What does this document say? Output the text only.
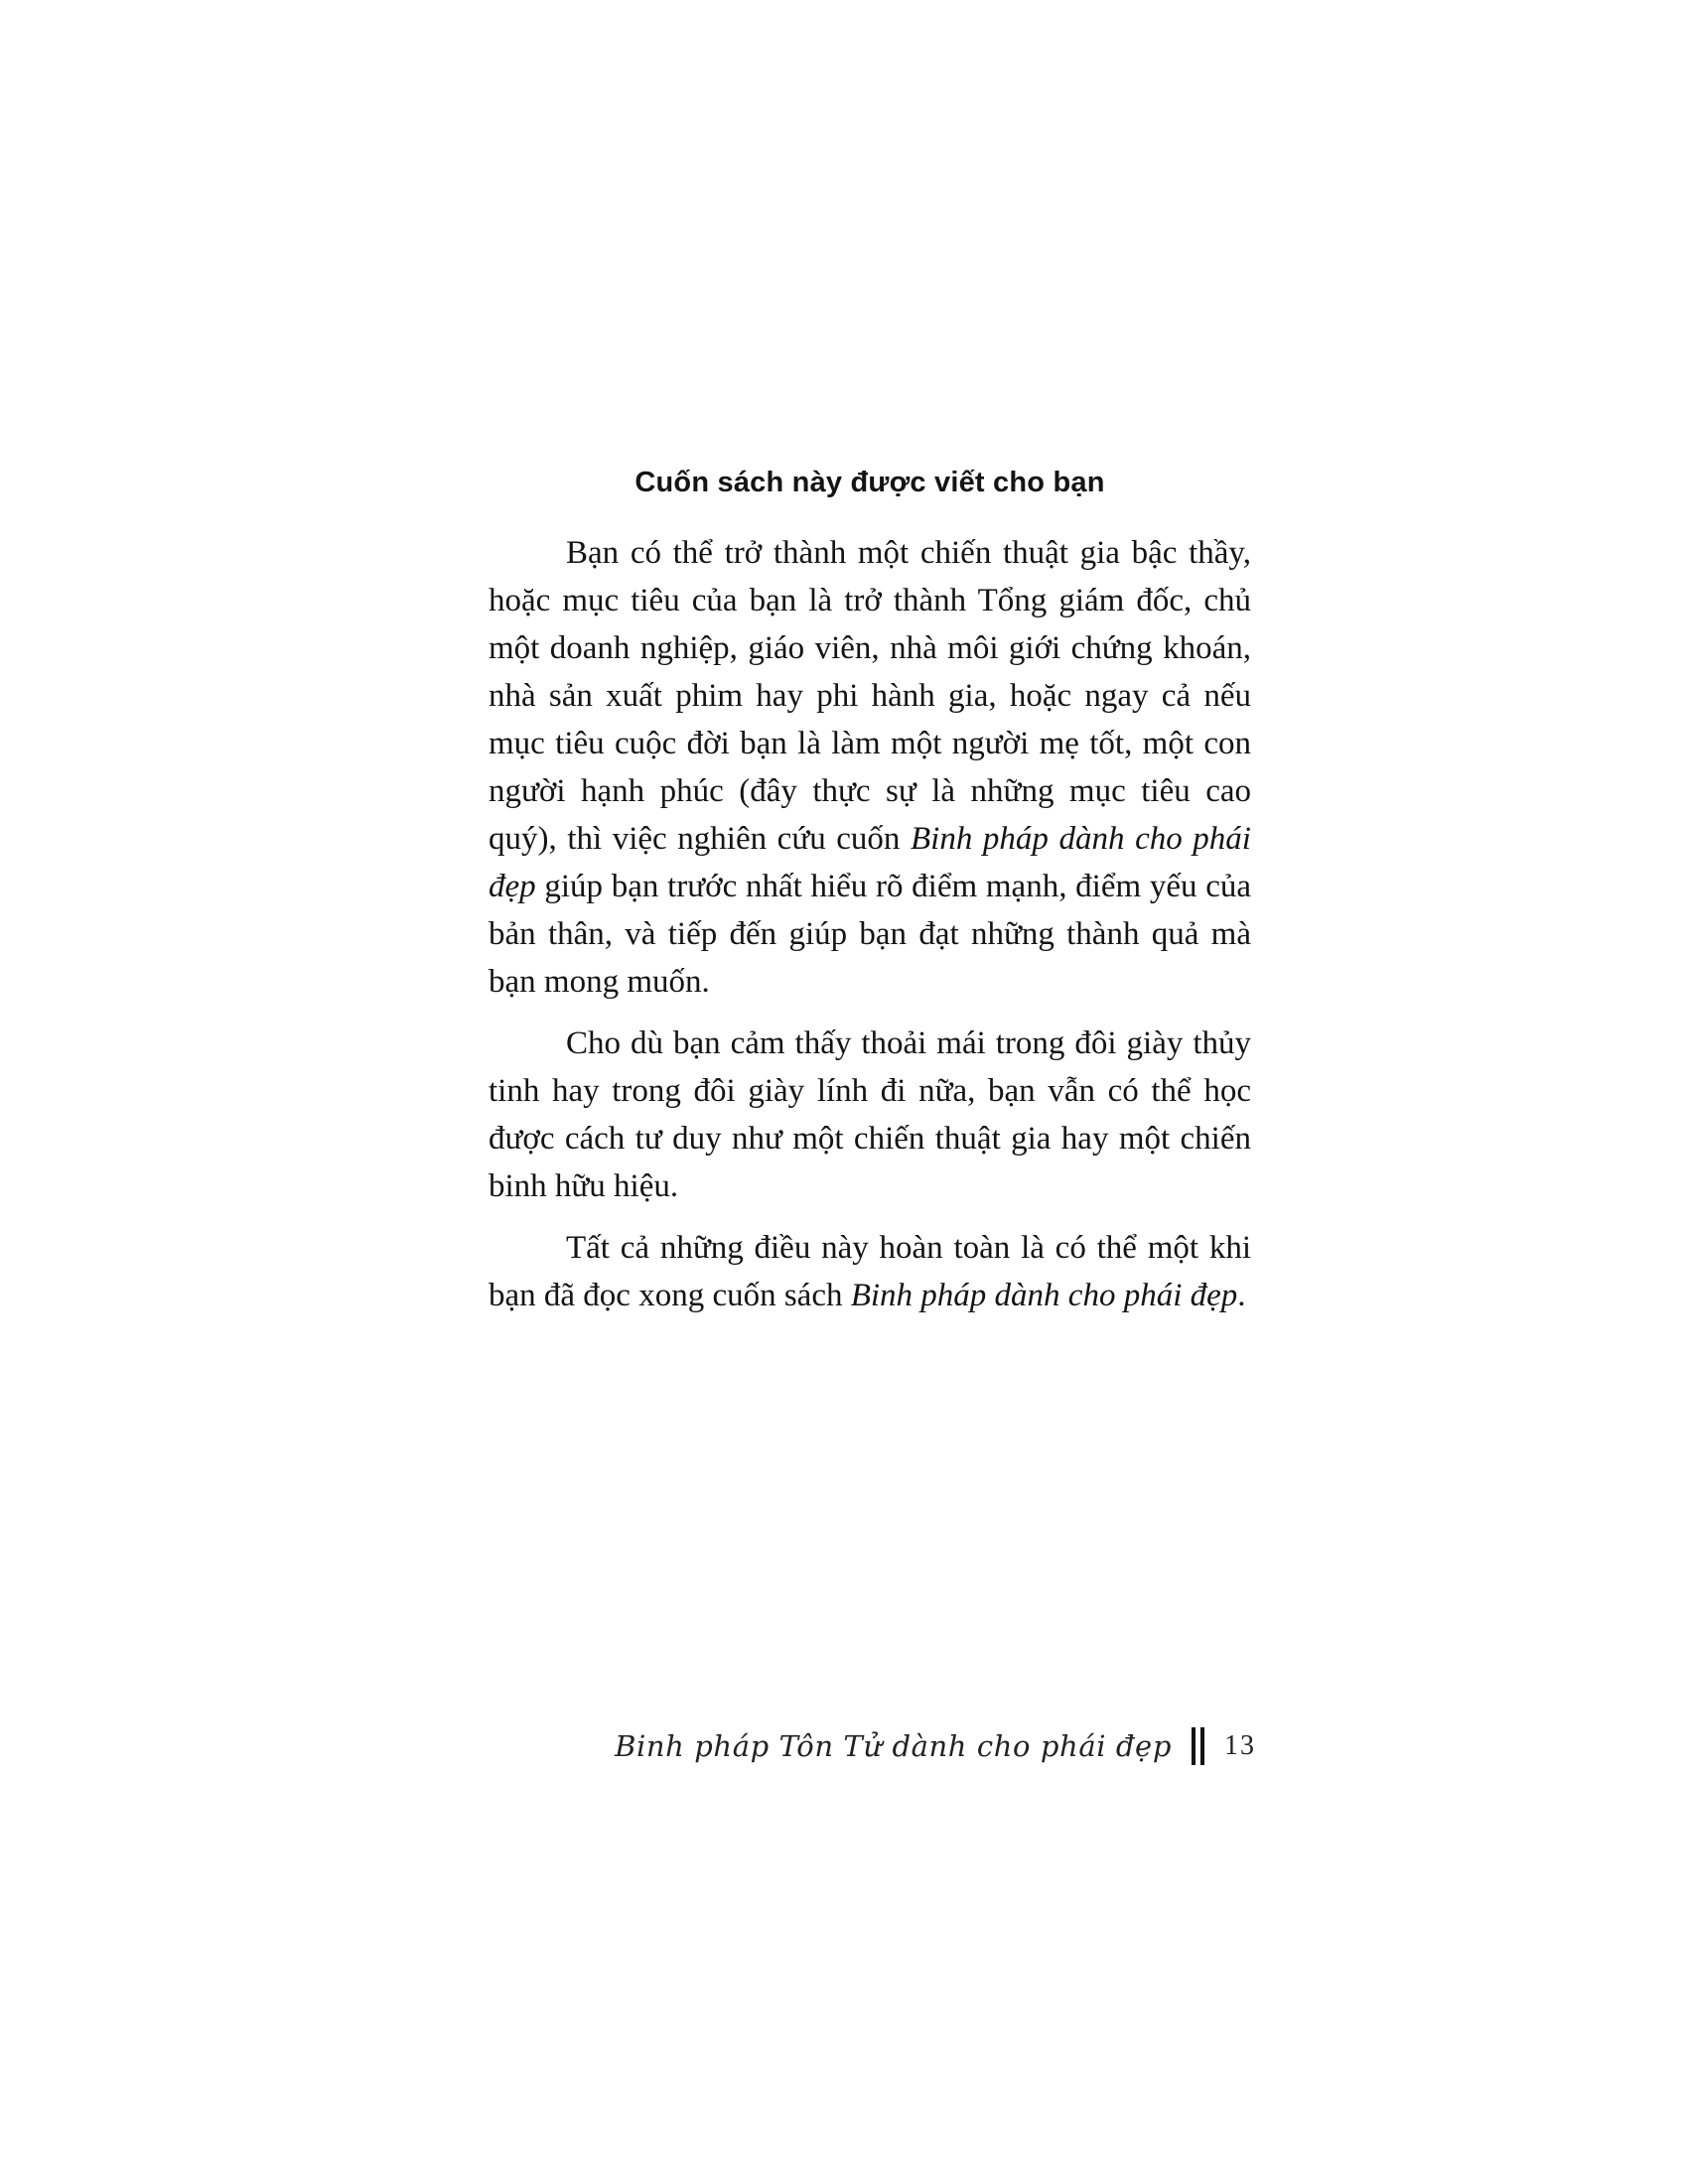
Cuốn sách này được viết cho bạn

Bạn có thể trở thành một chiến thuật gia bậc thầy, hoặc mục tiêu của bạn là trở thành Tổng giám đốc, chủ một doanh nghiệp, giáo viên, nhà môi giới chứng khoán, nhà sản xuất phim hay phi hành gia, hoặc ngay cả nếu mục tiêu cuộc đời bạn là làm một người mẹ tốt, một con người hạnh phúc (đây thực sự là những mục tiêu cao quý), thì việc nghiên cứu cuốn Binh pháp dành cho phái đẹp giúp bạn trước nhất hiểu rõ điểm mạnh, điểm yếu của bản thân, và tiếp đến giúp bạn đạt những thành quả mà bạn mong muốn.

Cho dù bạn cảm thấy thoải mái trong đôi giày thủy tinh hay trong đôi giày lính đi nữa, bạn vẫn có thể học được cách tư duy như một chiến thuật gia hay một chiến binh hữu hiệu.

Tất cả những điều này hoàn toàn là có thể một khi bạn đã đọc xong cuốn sách Binh pháp dành cho phái đẹp.

Binh pháp Tôn Tử dành cho phái đẹp 13
